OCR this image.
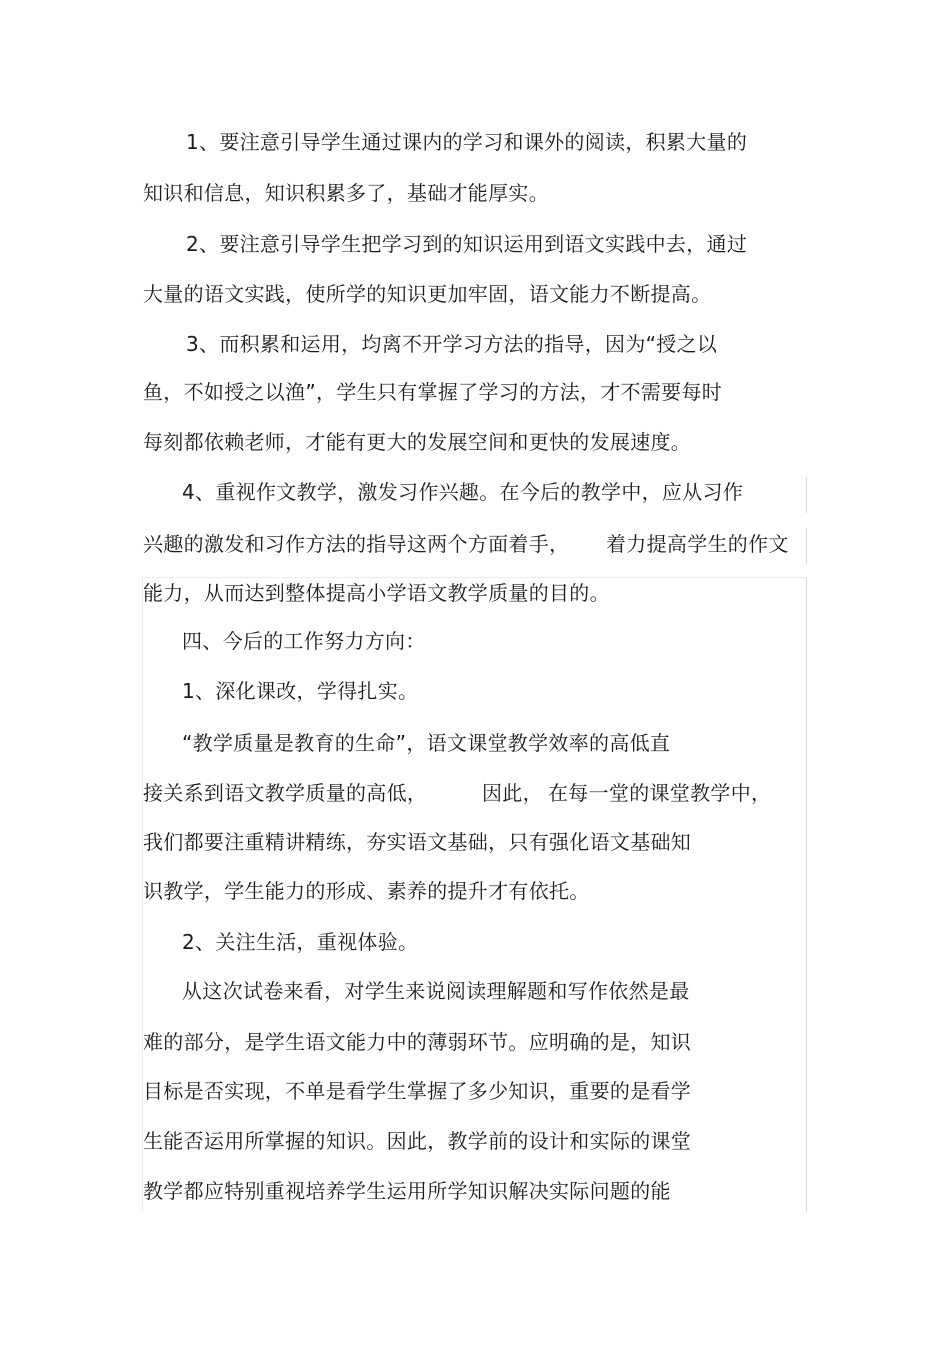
1、要注意引导学生通过课内的学习和课外的阅读，积累大量的

知识和信息，知识积累多了，基础才能厚实。

2、要注意引导学生把学习到的知识运用到语文实践中去，通过

大量的语文实践，使所学的知识更加牢固，语文能力不断提高。

3、而积累和运用，均离不开学习方法的指导，因为“授之以

鱼，不如授之以渔”，学生只有掌握了学习的方法，才不需要每时

每刻都依赖老师，才能有更大的发展空间和更快的发展速度。

4、重视作文教学，激发习作兴趣。在今后的教学中，应从习作

兴趣的激发和习作方法的指导这两个方面着手， 着力提高学生的作文

能力，从而达到整体提高小学语文教学质量的目的。

四、今后的工作努力方向：

1、深化课改，学得扎实。

“教学质量是教育的生命”，语文课堂教学效率的高低直

接关系到语文教学质量的高低，	因此， 在每一堂的课堂教学中，

我们都要注重精讲精练，夯实语文基础，只有强化语文基础知

识教学，学生能力的形成、素养的提升才有依托。

2、关注生活，重视体验。

从这次试卷来看，对学生来说阅读理解题和写作依然是最

难的部分，是学生语文能力中的薄弱环节。应明确的是，知识

目标是否实现，不单是看学生掌握了多少知识，重要的是看学

生能否运用所掌握的知识。因此，教学前的设计和实际的课堂

教学都应特别重视培养学生运用所学知识解决实际问题的能
